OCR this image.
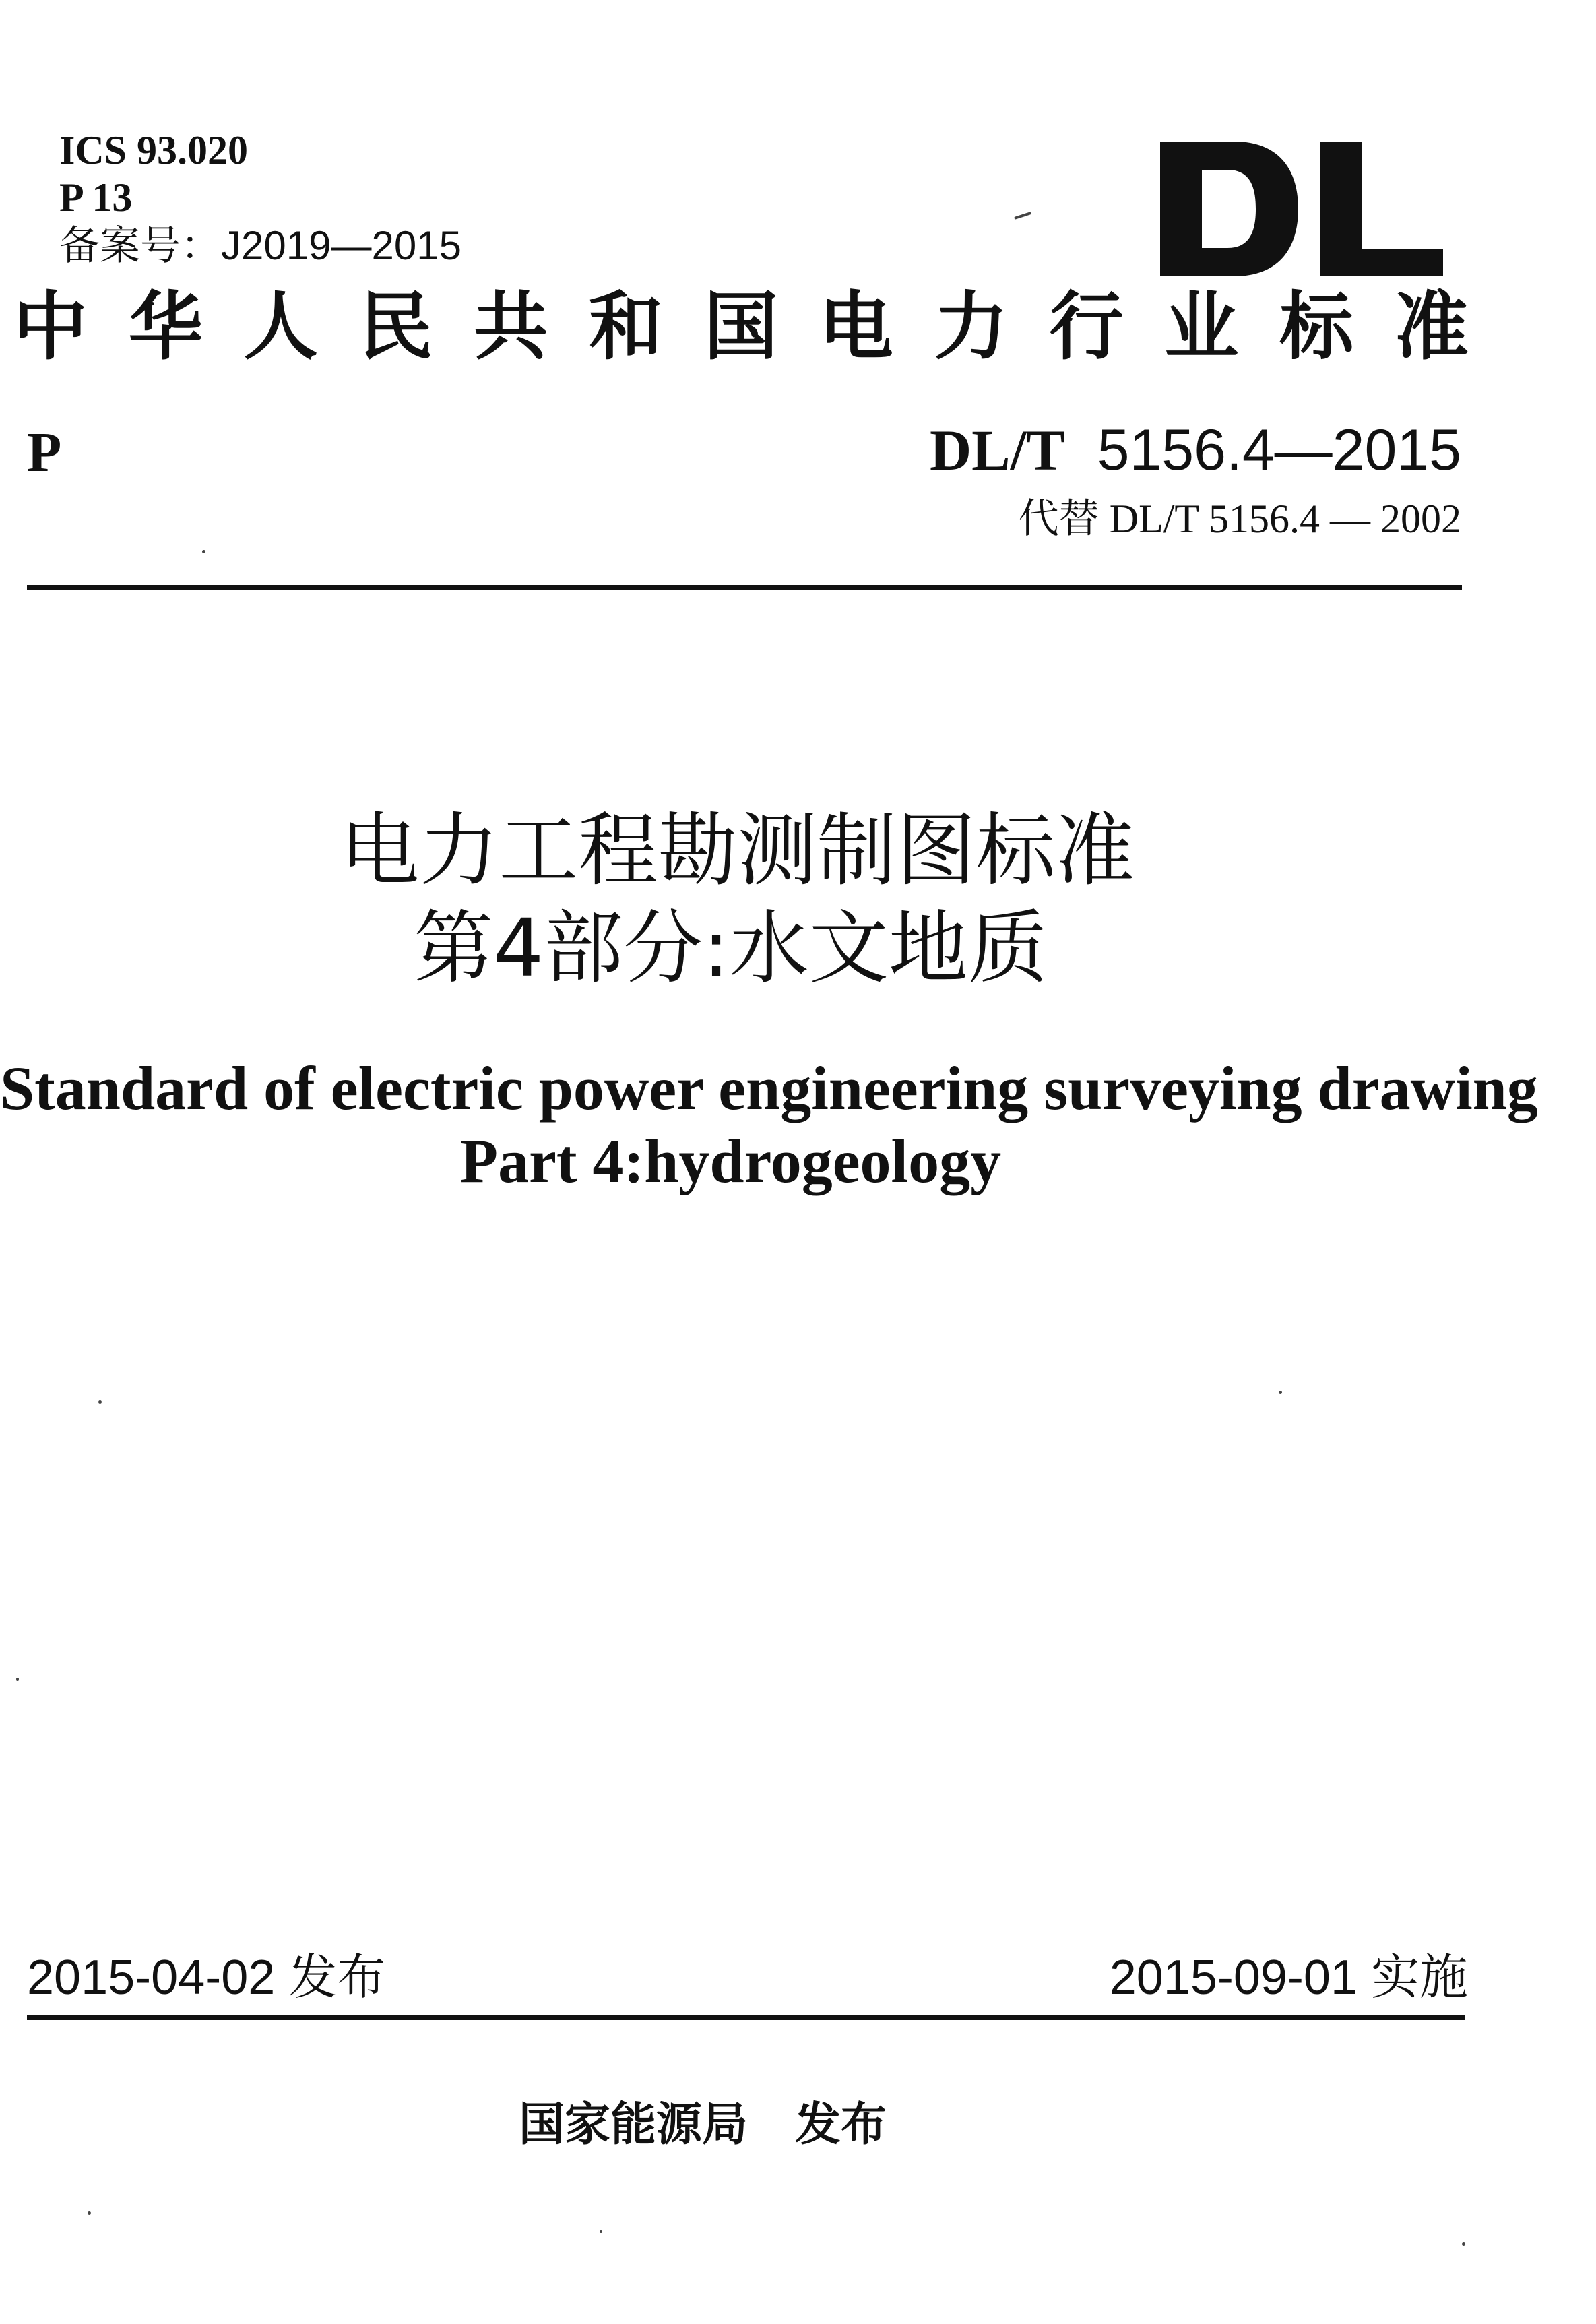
ICS 93.020
P 13
备案号：J2019—2015
中 华 人 民 共 和 国 电 力 行 业 标 准
P	DL/T 5156.4—2015
代替 DL/T 5156.4 — 2002
电力工程勘测制图标准
第4部分:水文地质
Standard of electric power engineering surveying drawing
Part 4:hydrogeology
2015-04-02 发布	2015-09-01 实施
国家能源局 发布
